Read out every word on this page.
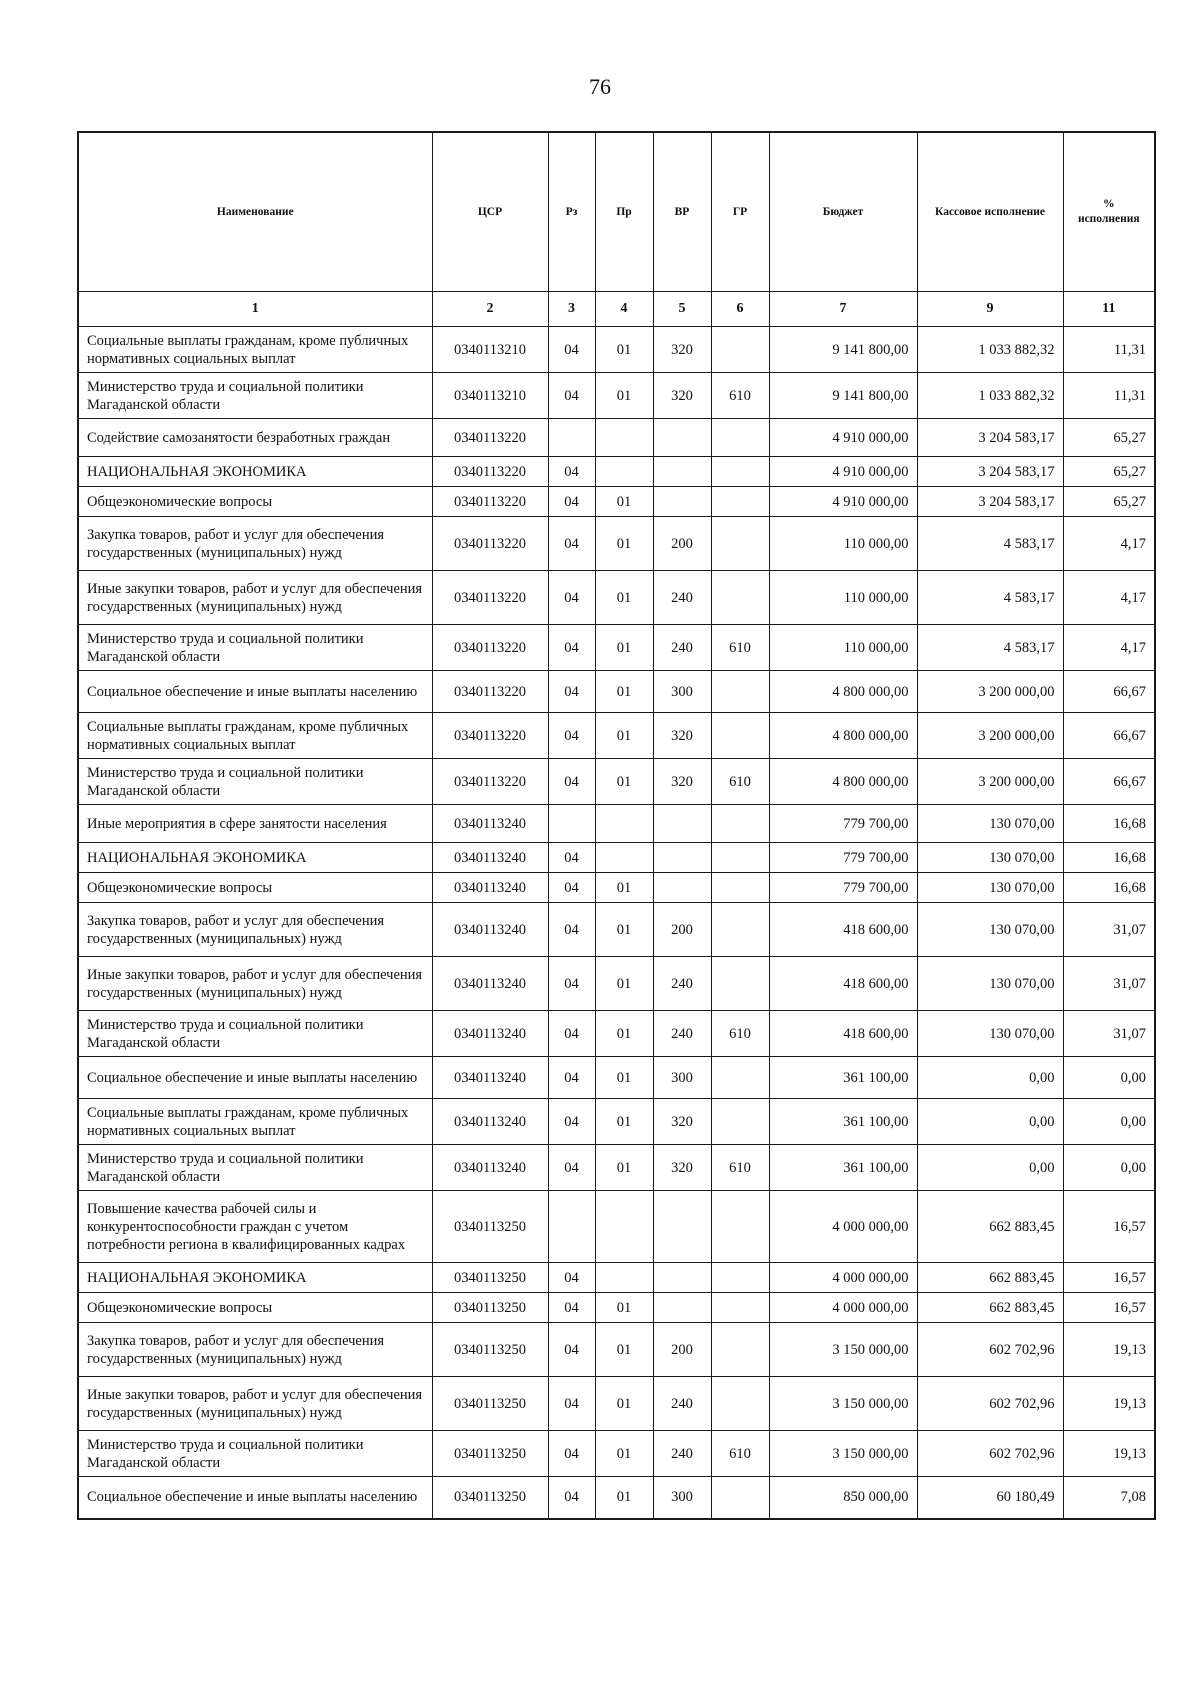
76
Наименование	ЦСР	Рз	Пр	ВР	ГР	Бюджет	Кассовое исполнение	% исполнения
1	2	3	4	5	6	7	9	11
Социальные выплаты гражданам, кроме публичных нормативных социальных выплат	0340113210	04	01	320		9 141 800,00	1 033 882,32	11,31
Министерство труда и социальной политики Магаданской области	0340113210	04	01	320	610	9 141 800,00	1 033 882,32	11,31
Содействие самозанятости безработных граждан	0340113220					4 910 000,00	3 204 583,17	65,27
НАЦИОНАЛЬНАЯ ЭКОНОМИКА	0340113220	04				4 910 000,00	3 204 583,17	65,27
Общеэкономические вопросы	0340113220	04	01			4 910 000,00	3 204 583,17	65,27
Закупка товаров, работ и услуг для обеспечения государственных (муниципальных) нужд	0340113220	04	01	200		110 000,00	4 583,17	4,17
Иные закупки товаров, работ и услуг для обеспечения государственных (муниципальных) нужд	0340113220	04	01	240		110 000,00	4 583,17	4,17
Министерство труда и социальной политики Магаданской области	0340113220	04	01	240	610	110 000,00	4 583,17	4,17
Социальное обеспечение и иные выплаты населению	0340113220	04	01	300		4 800 000,00	3 200 000,00	66,67
Социальные выплаты гражданам, кроме публичных нормативных социальных выплат	0340113220	04	01	320		4 800 000,00	3 200 000,00	66,67
Министерство труда и социальной политики Магаданской области	0340113220	04	01	320	610	4 800 000,00	3 200 000,00	66,67
Иные мероприятия в сфере занятости населения	0340113240					779 700,00	130 070,00	16,68
НАЦИОНАЛЬНАЯ ЭКОНОМИКА	0340113240	04				779 700,00	130 070,00	16,68
Общеэкономические вопросы	0340113240	04	01			779 700,00	130 070,00	16,68
Закупка товаров, работ и услуг для обеспечения государственных (муниципальных) нужд	0340113240	04	01	200		418 600,00	130 070,00	31,07
Иные закупки товаров, работ и услуг для обеспечения государственных (муниципальных) нужд	0340113240	04	01	240		418 600,00	130 070,00	31,07
Министерство труда и социальной политики Магаданской области	0340113240	04	01	240	610	418 600,00	130 070,00	31,07
Социальное обеспечение и иные выплаты населению	0340113240	04	01	300		361 100,00	0,00	0,00
Социальные выплаты гражданам, кроме публичных нормативных социальных выплат	0340113240	04	01	320		361 100,00	0,00	0,00
Министерство труда и социальной политики Магаданской области	0340113240	04	01	320	610	361 100,00	0,00	0,00
Повышение качества рабочей силы и конкурентоспособности граждан с учетом потребности региона в квалифицированных кадрах	0340113250					4 000 000,00	662 883,45	16,57
НАЦИОНАЛЬНАЯ ЭКОНОМИКА	0340113250	04				4 000 000,00	662 883,45	16,57
Общеэкономические вопросы	0340113250	04	01			4 000 000,00	662 883,45	16,57
Закупка товаров, работ и услуг для обеспечения государственных (муниципальных) нужд	0340113250	04	01	200		3 150 000,00	602 702,96	19,13
Иные закупки товаров, работ и услуг для обеспечения государственных (муниципальных) нужд	0340113250	04	01	240		3 150 000,00	602 702,96	19,13
Министерство труда и социальной политики Магаданской области	0340113250	04	01	240	610	3 150 000,00	602 702,96	19,13
Социальное обеспечение и иные выплаты населению	0340113250	04	01	300		850 000,00	60 180,49	7,08
